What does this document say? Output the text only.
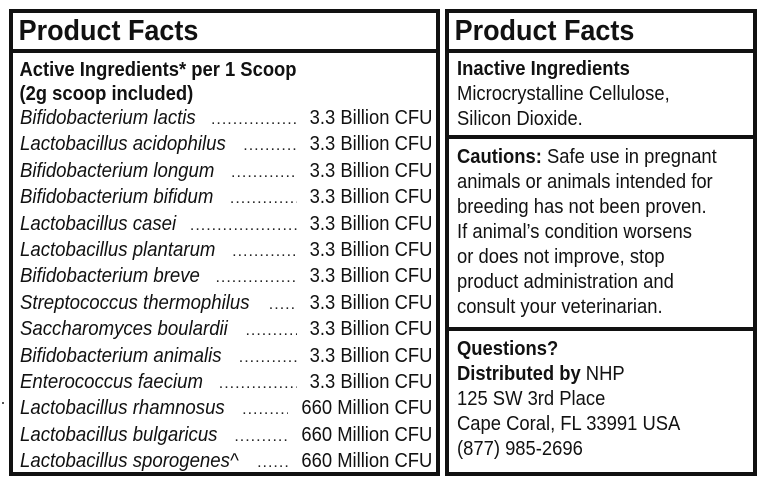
Product Facts
Active Ingredients* per 1 Scoop
(2g scoop included)
Bifidobacterium lactis .....	3.3 Billion CFU
Lactobacillus acidophilus .....	3.3 Billion CFU
Bifidobacterium longum .....	3.3 Billion CFU
Bifidobacterium bifidum .....	3.3 Billion CFU
Lactobacillus casei .....	3.3 Billion CFU
Lactobacillus plantarum .....	3.3 Billion CFU
Bifidobacterium breve .....	3.3 Billion CFU
Streptococcus thermophilus .....	3.3 Billion CFU
Saccharomyces boulardii .....	3.3 Billion CFU
Bifidobacterium animalis .....	3.3 Billion CFU
Enterococcus faecium .....	3.3 Billion CFU
Lactobacillus rhamnosus .....	660 Million CFU
Lactobacillus bulgaricus .....	660 Million CFU
Lactobacillus sporogenes^ .....	660 Million CFU
Product Facts
Inactive Ingredients
Microcrystalline Cellulose,
Silicon Dioxide.
Cautions: Safe use in pregnant
animals or animals intended for
breeding has not been proven.
If animal’s condition worsens
or does not improve, stop
product administration and
consult your veterinarian.
Questions?
Distributed by NHP
125 SW 3rd Place
Cape Coral, FL 33991 USA
(877) 985-2696
